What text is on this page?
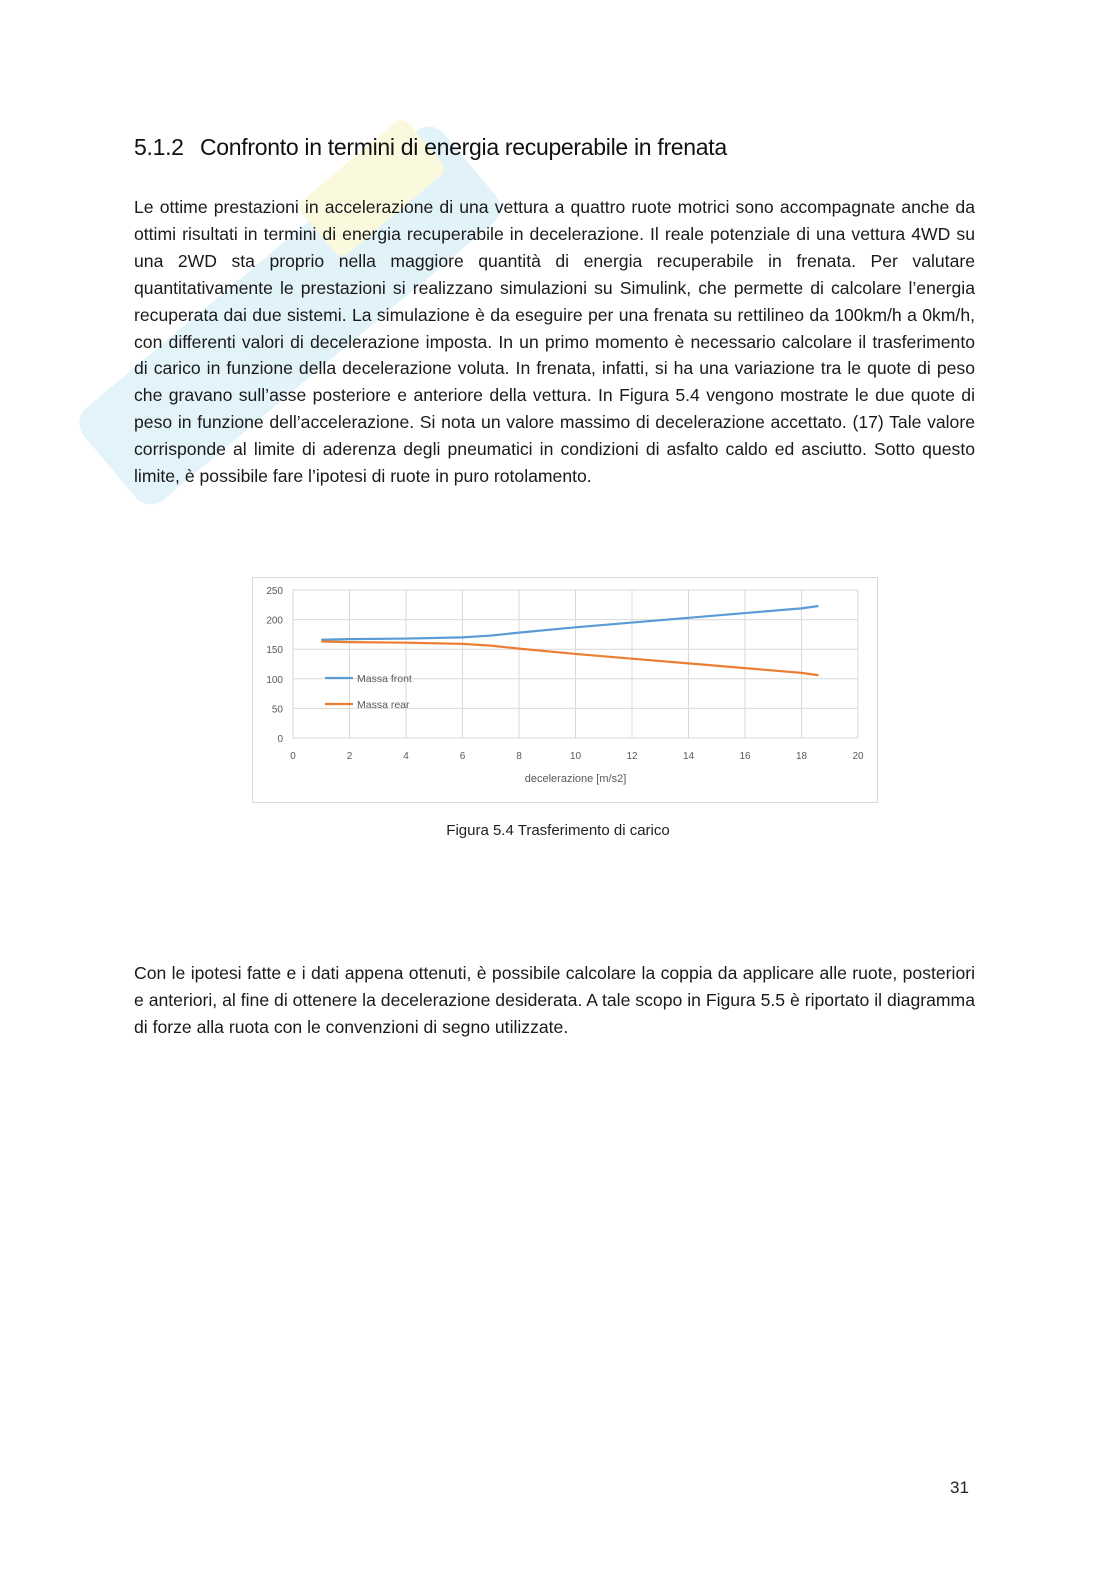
5.1.2 Confronto in termini di energia recuperabile in frenata

Le ottime prestazioni in accelerazione di una vettura a quattro ruote motrici sono accompagnate anche da ottimi risultati in termini di energia recuperabile in decelerazione. Il reale potenziale di una vettura 4WD su una 2WD sta proprio nella maggiore quantità di energia recuperabile in frenata. Per valutare quantitativamente le prestazioni si realizzano simulazioni su Simulink, che permette di calcolare l’energia recuperata dai due sistemi. La simulazione è da eseguire per una frenata su rettilineo da 100km/h a 0km/h, con differenti valori di decelerazione imposta. In un primo momento è necessario calcolare il trasferimento di carico in funzione della decelerazione voluta. In frenata, infatti, si ha una variazione tra le quote di peso che gravano sull’asse posteriore e anteriore della vettura. In Figura 5.4 vengono mostrate le due quote di peso in funzione dell’accelerazione. Si nota un valore massimo di decelerazione accettato. (17) Tale valore corrisponde al limite di aderenza degli pneumatici in condizioni di asfalto caldo ed asciutto. Sotto questo limite, è possibile fare l’ipotesi di ruote in puro rotolamento.

0
50
100
150
200
250
0	2	4	6	8	10	12	14	16	18	20
decelerazione [m/s2]
Massa front
Massa rear
Figura 5.4 Trasferimento di carico

Con le ipotesi fatte e i dati appena ottenuti, è possibile calcolare la coppia da applicare alle ruote, posteriori e anteriori, al fine di ottenere la decelerazione desiderata. A tale scopo in Figura 5.5 è riportato il diagramma di forze alla ruota con le convenzioni di segno utilizzate.

31
